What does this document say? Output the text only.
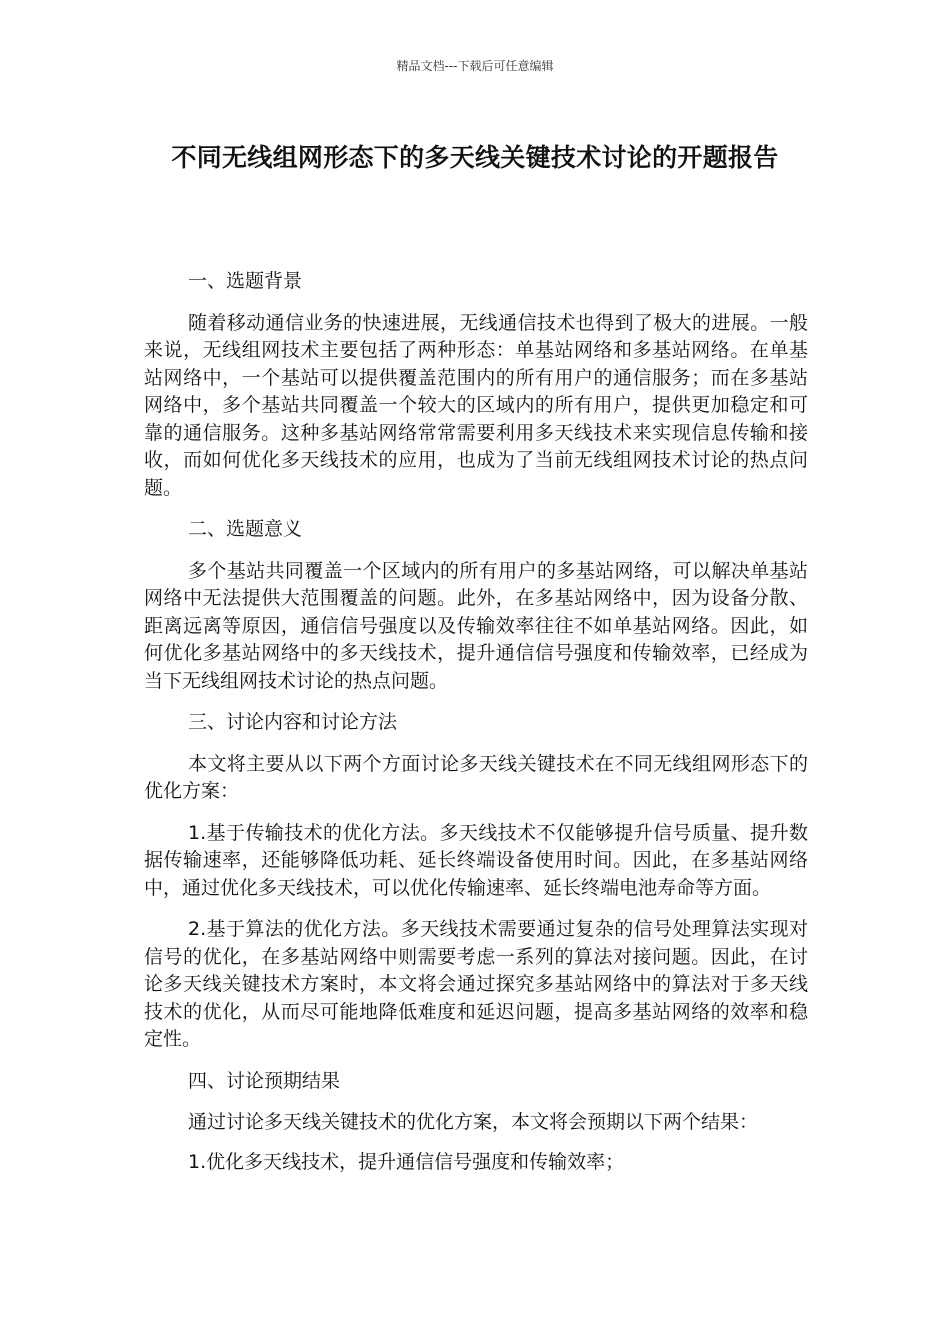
精品文档---下载后可任意编辑
不同无线组网形态下的多天线关键技术讨论的开题报告
一、选题背景
随着移动通信业务的快速进展，无线通信技术也得到了极大的进展。一般来说，无线组网技术主要包括了两种形态：单基站网络和多基站网络。在单基站网络中，一个基站可以提供覆盖范围内的所有用户的通信服务；而在多基站网络中，多个基站共同覆盖一个较大的区域内的所有用户，提供更加稳定和可靠的通信服务。这种多基站网络常常需要利用多天线技术来实现信息传输和接收，而如何优化多天线技术的应用，也成为了当前无线组网技术讨论的热点问题。
二、选题意义
多个基站共同覆盖一个区域内的所有用户的多基站网络，可以解决单基站网络中无法提供大范围覆盖的问题。此外，在多基站网络中，因为设备分散、距离远离等原因，通信信号强度以及传输效率往往不如单基站网络。因此，如何优化多基站网络中的多天线技术，提升通信信号强度和传输效率，已经成为当下无线组网技术讨论的热点问题。
三、讨论内容和讨论方法
本文将主要从以下两个方面讨论多天线关键技术在不同无线组网形态下的优化方案：
1.基于传输技术的优化方法。多天线技术不仅能够提升信号质量、提升数据传输速率，还能够降低功耗、延长终端设备使用时间。因此，在多基站网络中，通过优化多天线技术，可以优化传输速率、延长终端电池寿命等方面。
2.基于算法的优化方法。多天线技术需要通过复杂的信号处理算法实现对信号的优化，在多基站网络中则需要考虑一系列的算法对接问题。因此，在讨论多天线关键技术方案时，本文将会通过探究多基站网络中的算法对于多天线技术的优化，从而尽可能地降低难度和延迟问题，提高多基站网络的效率和稳定性。
四、讨论预期结果
通过讨论多天线关键技术的优化方案，本文将会预期以下两个结果：
1.优化多天线技术，提升通信信号强度和传输效率；
